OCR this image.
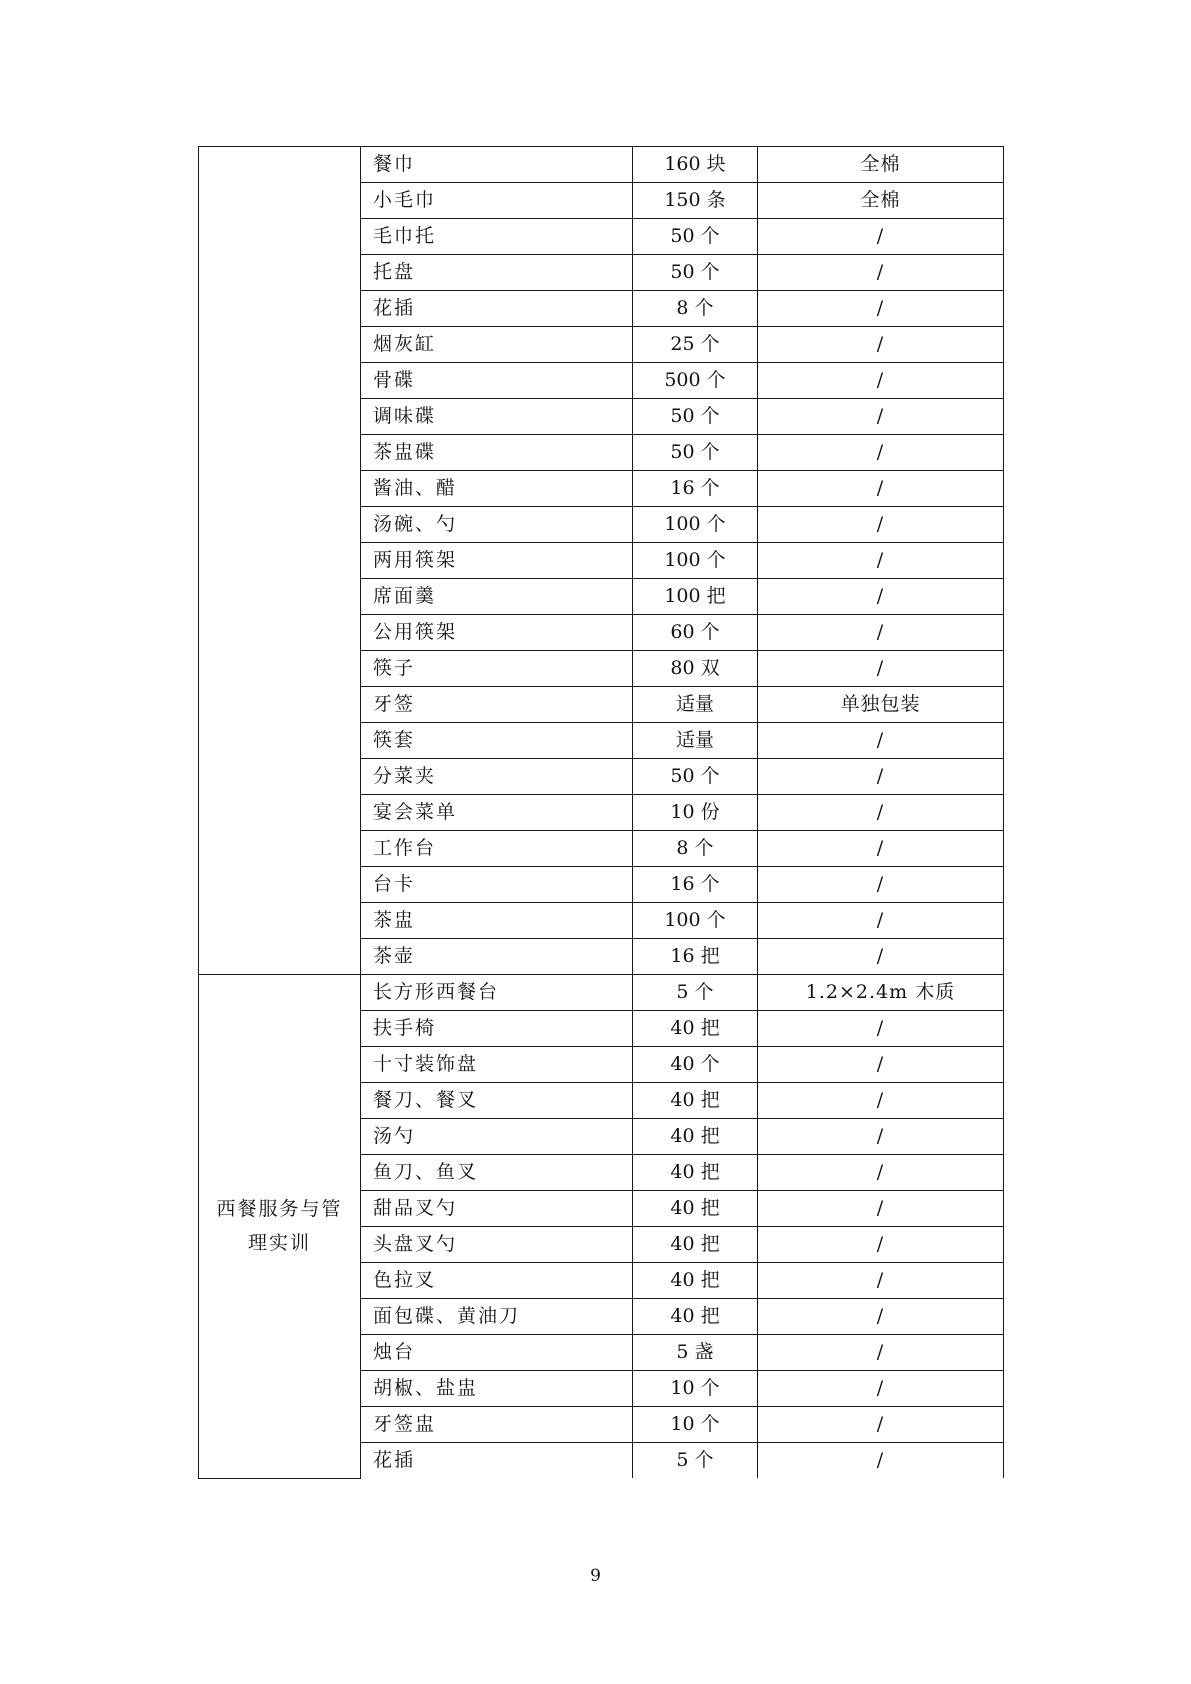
	餐巾	160 块	全棉
	小毛巾	150 条	全棉
	毛巾托	50 个	/
	托盘	50 个	/
	花插	8 个	/
	烟灰缸	25 个	/
	骨碟	500 个	/
	调味碟	50 个	/
	茶盅碟	50 个	/
	酱油、醋	16 个	/
	汤碗、勺	100 个	/
	两用筷架	100 个	/
	席面羹	100 把	/
	公用筷架	60 个	/
	筷子	80 双	/
	牙签	适量	单独包装
	筷套	适量	/
	分菜夹	50 个	/
	宴会菜单	10 份	/
	工作台	8 个	/
	台卡	16 个	/
	茶盅	100 个	/
	茶壶	16 把	/
西餐服务与管理实训	长方形西餐台	5 个	1.2×2.4m 木质
	扶手椅	40 把	/
	十寸装饰盘	40 个	/
	餐刀、餐叉	40 把	/
	汤勺	40 把	/
	鱼刀、鱼叉	40 把	/
	甜品叉勺	40 把	/
	头盘叉勺	40 把	/
	色拉叉	40 把	/
	面包碟、黄油刀	40 把	/
	烛台	5 盏	/
	胡椒、盐盅	10 个	/
	牙签盅	10 个	/
	花插	5 个	/
9
